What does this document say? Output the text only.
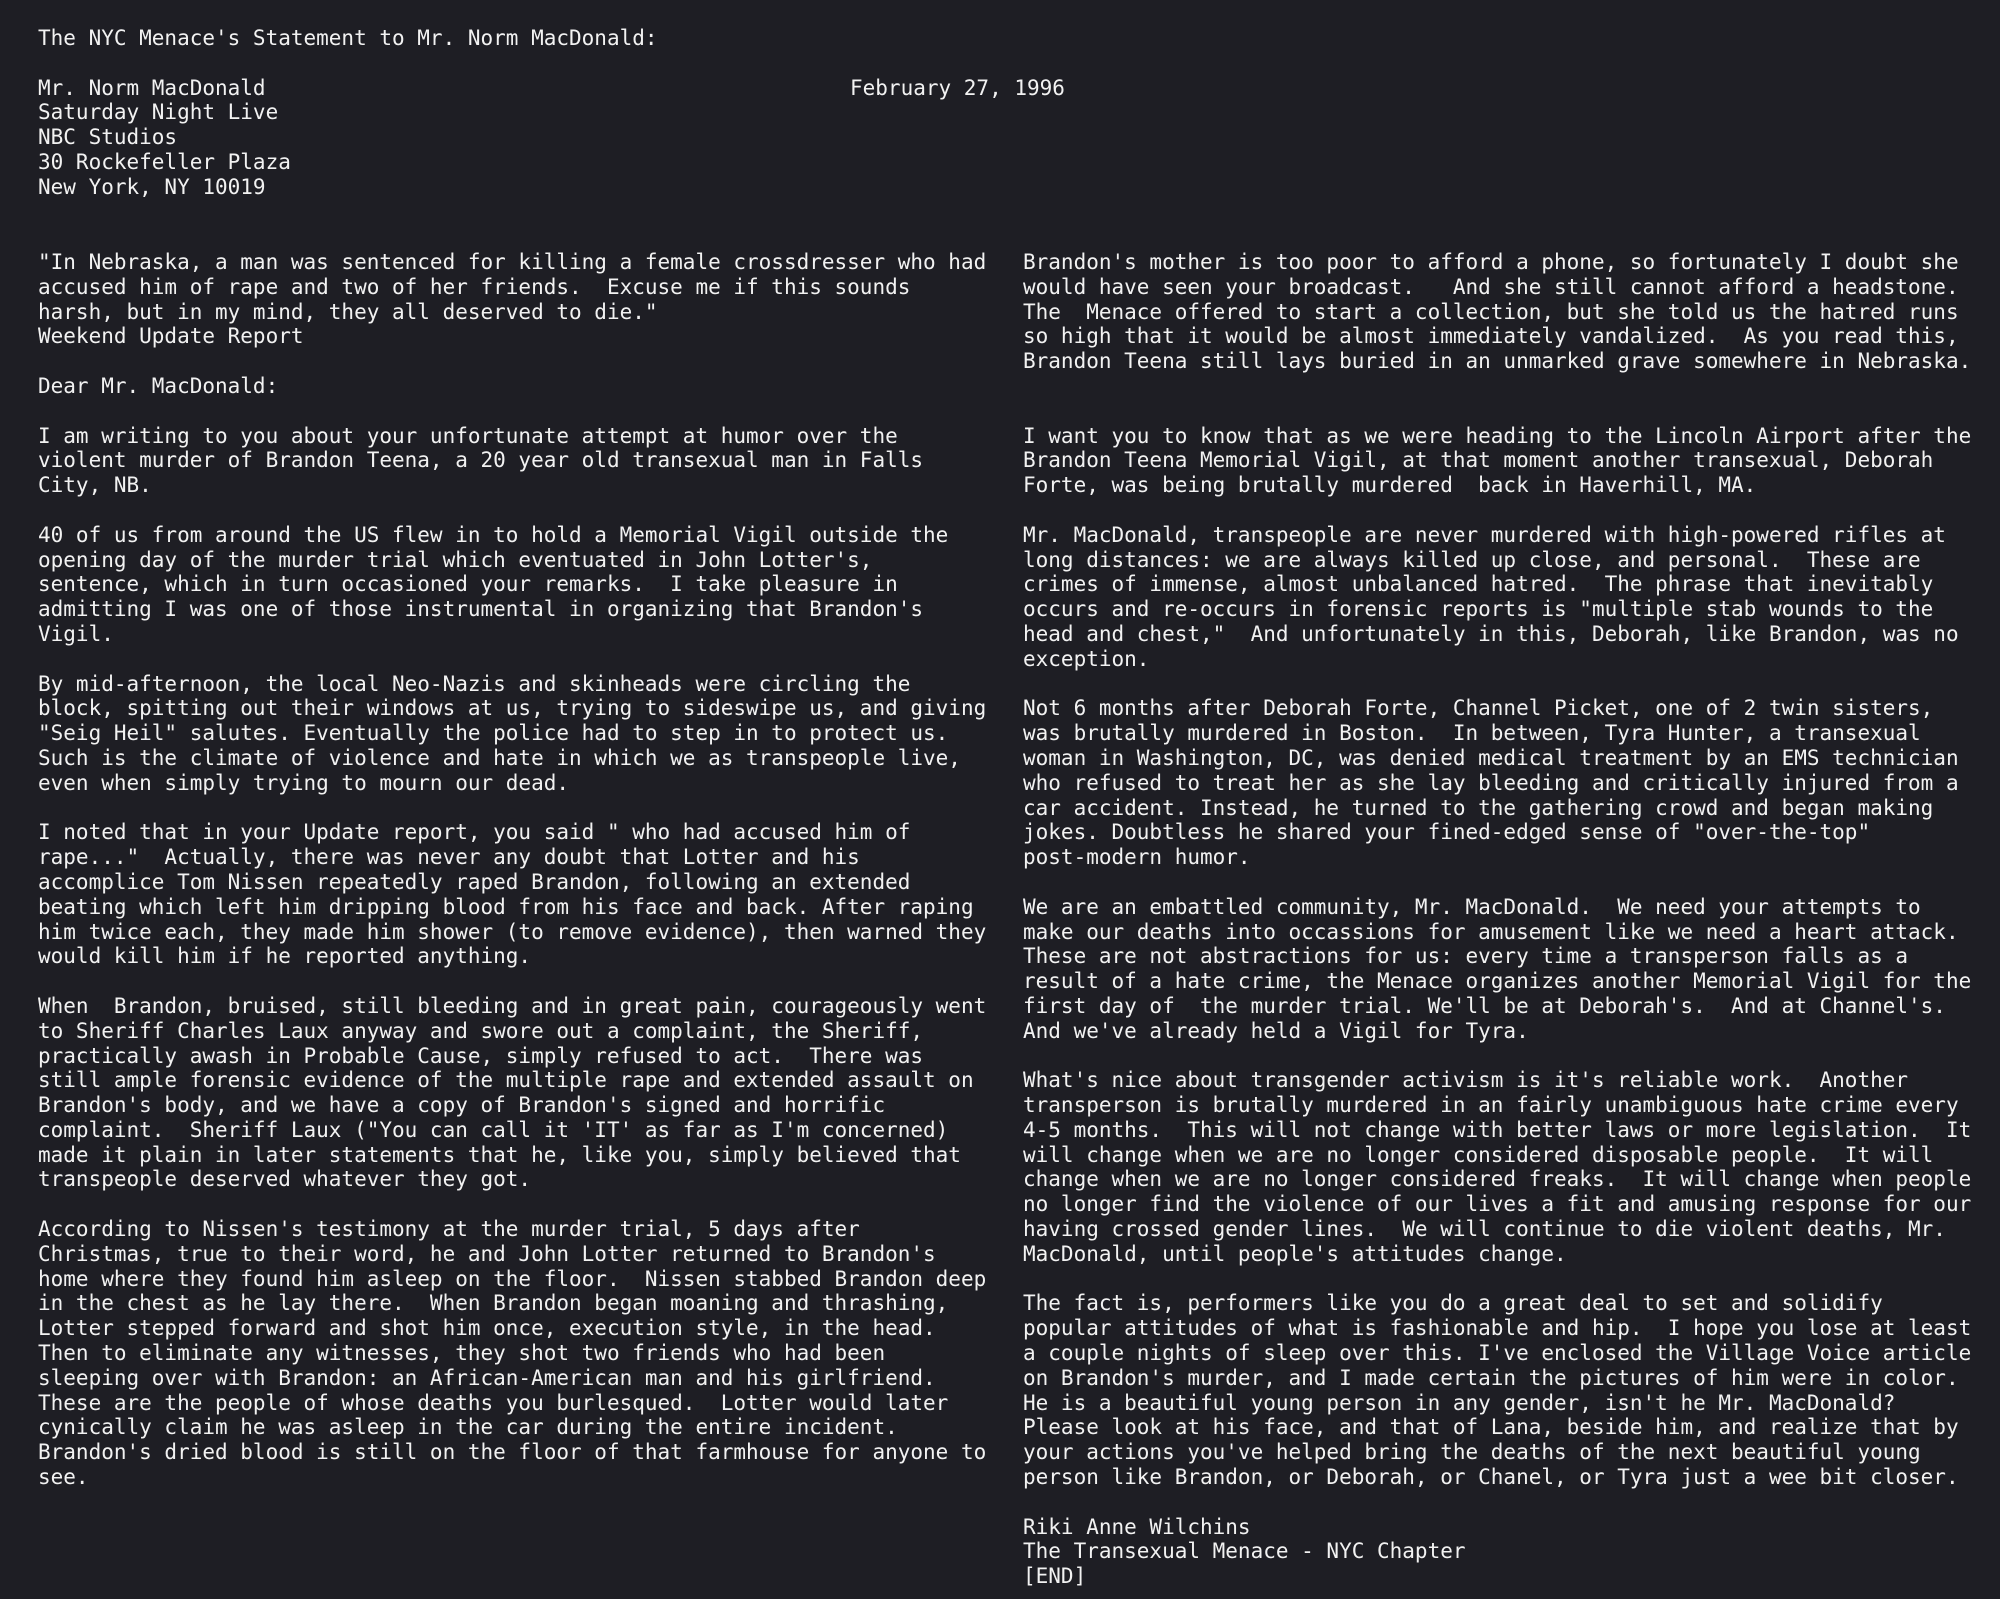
The NYC Menace's Statement to Mr. Norm MacDonald:
Mr. Norm MacDonald
Saturday Night Live
NBC Studios
30 Rockefeller Plaza
New York, NY 10019
February 27, 1996
"In Nebraska, a man was sentenced for killing a female crossdresser who had
accused him of rape and two of her friends.  Excuse me if this sounds
harsh, but in my mind, they all deserved to die."
Weekend Update Report
Dear Mr. MacDonald:
I am writing to you about your unfortunate attempt at humor over the
violent murder of Brandon Teena, a 20 year old transexual man in Falls
City, NB.
40 of us from around the US flew in to hold a Memorial Vigil outside the
opening day of the murder trial which eventuated in John Lotter's,
sentence, which in turn occasioned your remarks.  I take pleasure in
admitting I was one of those instrumental in organizing that Brandon's
Vigil.
By mid-afternoon, the local Neo-Nazis and skinheads were circling the
block, spitting out their windows at us, trying to sideswipe us, and giving
"Seig Heil" salutes. Eventually the police had to step in to protect us.
Such is the climate of violence and hate in which we as transpeople live,
even when simply trying to mourn our dead.
I noted that in your Update report, you said " who had accused him of
rape..."  Actually, there was never any doubt that Lotter and his
accomplice Tom Nissen repeatedly raped Brandon, following an extended
beating which left him dripping blood from his face and back. After raping
him twice each, they made him shower (to remove evidence), then warned they
would kill him if he reported anything.
When  Brandon, bruised, still bleeding and in great pain, courageously went
to Sheriff Charles Laux anyway and swore out a complaint, the Sheriff,
practically awash in Probable Cause, simply refused to act.  There was
still ample forensic evidence of the multiple rape and extended assault on
Brandon's body, and we have a copy of Brandon's signed and horrific
complaint.  Sheriff Laux ("You can call it 'IT' as far as I'm concerned)
made it plain in later statements that he, like you, simply believed that
transpeople deserved whatever they got.
According to Nissen's testimony at the murder trial, 5 days after
Christmas, true to their word, he and John Lotter returned to Brandon's
home where they found him asleep on the floor.  Nissen stabbed Brandon deep
in the chest as he lay there.  When Brandon began moaning and thrashing,
Lotter stepped forward and shot him once, execution style, in the head.
Then to eliminate any witnesses, they shot two friends who had been
sleeping over with Brandon: an African-American man and his girlfriend.
These are the people of whose deaths you burlesqued.  Lotter would later
cynically claim he was asleep in the car during the entire incident.
Brandon's dried blood is still on the floor of that farmhouse for anyone to
see.
Brandon's mother is too poor to afford a phone, so fortunately I doubt she
would have seen your broadcast.   And she still cannot afford a headstone.
The  Menace offered to start a collection, but she told us the hatred runs
so high that it would be almost immediately vandalized.  As you read this,
Brandon Teena still lays buried in an unmarked grave somewhere in Nebraska.
I want you to know that as we were heading to the Lincoln Airport after the
Brandon Teena Memorial Vigil, at that moment another transexual, Deborah
Forte, was being brutally murdered  back in Haverhill, MA.
Mr. MacDonald, transpeople are never murdered with high-powered rifles at
long distances: we are always killed up close, and personal.  These are
crimes of immense, almost unbalanced hatred.  The phrase that inevitably
occurs and re-occurs in forensic reports is "multiple stab wounds to the
head and chest,"  And unfortunately in this, Deborah, like Brandon, was no
exception.
Not 6 months after Deborah Forte, Channel Picket, one of 2 twin sisters,
was brutally murdered in Boston.  In between, Tyra Hunter, a transexual
woman in Washington, DC, was denied medical treatment by an EMS technician
who refused to treat her as she lay bleeding and critically injured from a
car accident. Instead, he turned to the gathering crowd and began making
jokes. Doubtless he shared your fined-edged sense of "over-the-top"
post-modern humor.
We are an embattled community, Mr. MacDonald.  We need your attempts to
make our deaths into occassions for amusement like we need a heart attack.
These are not abstractions for us: every time a transperson falls as a
result of a hate crime, the Menace organizes another Memorial Vigil for the
first day of  the murder trial. We'll be at Deborah's.  And at Channel's.
And we've already held a Vigil for Tyra.
What's nice about transgender activism is it's reliable work.  Another
transperson is brutally murdered in an fairly unambiguous hate crime every
4-5 months.  This will not change with better laws or more legislation.  It
will change when we are no longer considered disposable people.  It will
change when we are no longer considered freaks.  It will change when people
no longer find the violence of our lives a fit and amusing response for our
having crossed gender lines.  We will continue to die violent deaths, Mr.
MacDonald, until people's attitudes change.
The fact is, performers like you do a great deal to set and solidify
popular attitudes of what is fashionable and hip.  I hope you lose at least
a couple nights of sleep over this. I've enclosed the Village Voice article
on Brandon's murder, and I made certain the pictures of him were in color.
He is a beautiful young person in any gender, isn't he Mr. MacDonald?
Please look at his face, and that of Lana, beside him, and realize that by
your actions you've helped bring the deaths of the next beautiful young
person like Brandon, or Deborah, or Chanel, or Tyra just a wee bit closer.
Riki Anne Wilchins
The Transexual Menace - NYC Chapter
[END]
